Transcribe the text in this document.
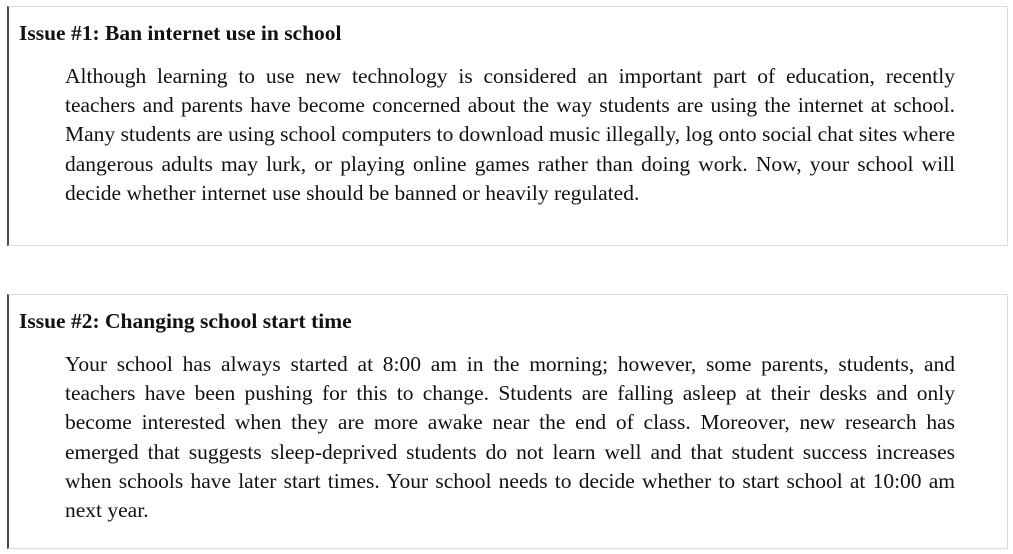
Issue #1: Ban internet use in school

Although learning to use new technology is considered an important part of education, recently teachers and parents have become concerned about the way students are using the internet at school. Many students are using school computers to download music illegally, log onto social chat sites where dangerous adults may lurk, or playing online games rather than doing work. Now, your school will decide whether internet use should be banned or heavily regulated.

Issue #2: Changing school start time

Your school has always started at 8:00 am in the morning; however, some parents, students, and teachers have been pushing for this to change. Students are falling asleep at their desks and only become interested when they are more awake near the end of class. Moreover, new research has emerged that suggests sleep-deprived students do not learn well and that student success increases when schools have later start times. Your school needs to decide whether to start school at 10:00 am next year.
